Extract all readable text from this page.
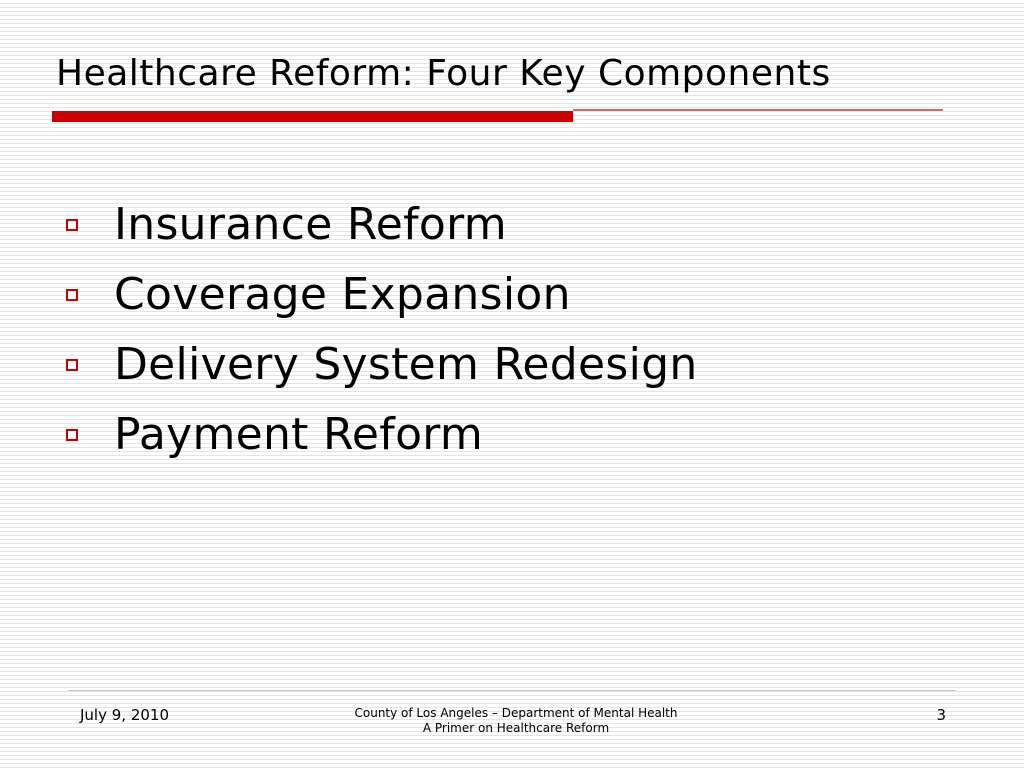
Healthcare Reform: Four Key Components
Insurance Reform
Coverage Expansion
Delivery System Redesign
Payment Reform
July 9, 2010	County of Los Angeles – Department of Mental Health
A Primer on Healthcare Reform
3
